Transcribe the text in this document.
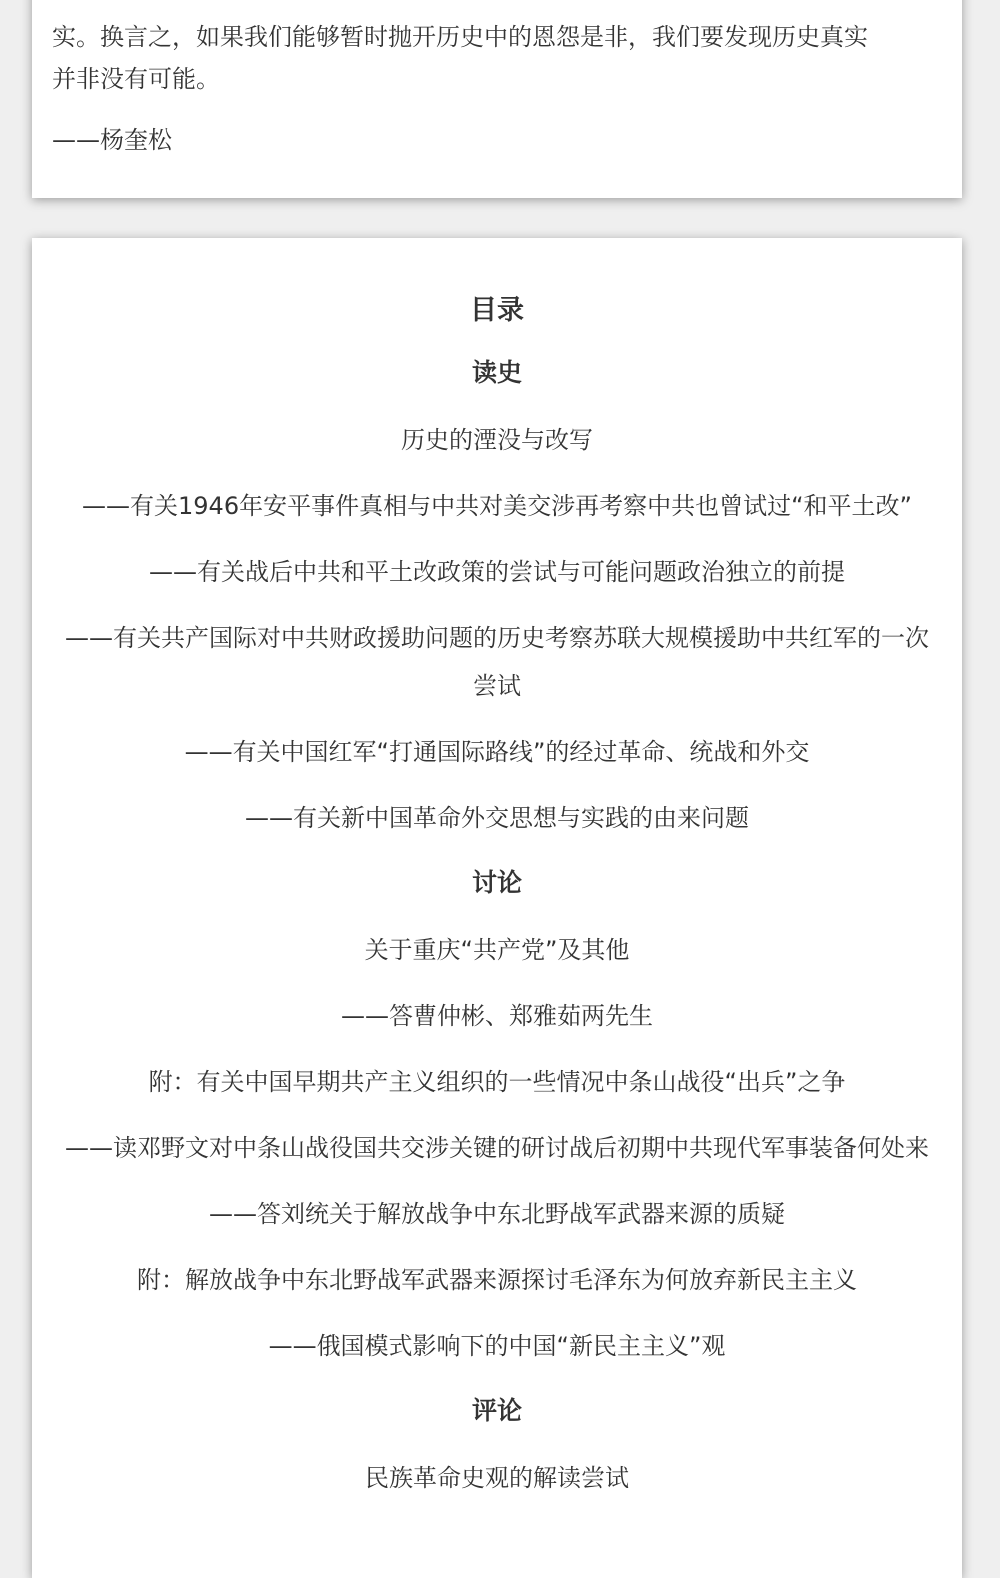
实。换言之，如果我们能够暂时抛开历史中的恩怨是非，我们要发现历史真实
并非没有可能。

——杨奎松

目录

读史

历史的湮没与改写

——有关1946年安平事件真相与中共对美交涉再考察中共也曾试过“和平土改”

——有关战后中共和平土改政策的尝试与可能问题政治独立的前提

——有关共产国际对中共财政援助问题的历史考察苏联大规模援助中共红军的一次尝试

——有关中国红军“打通国际路线”的经过革命、统战和外交

——有关新中国革命外交思想与实践的由来问题

讨论

关于重庆“共产党”及其他

——答曹仲彬、郑雅茹两先生

附：有关中国早期共产主义组织的一些情况中条山战役“出兵”之争

——读邓野文对中条山战役国共交涉关键的研讨战后初期中共现代军事装备何处来

——答刘统关于解放战争中东北野战军武器来源的质疑

附：解放战争中东北野战军武器来源探讨毛泽东为何放弃新民主主义

——俄国模式影响下的中国“新民主主义”观

评论

民族革命史观的解读尝试
